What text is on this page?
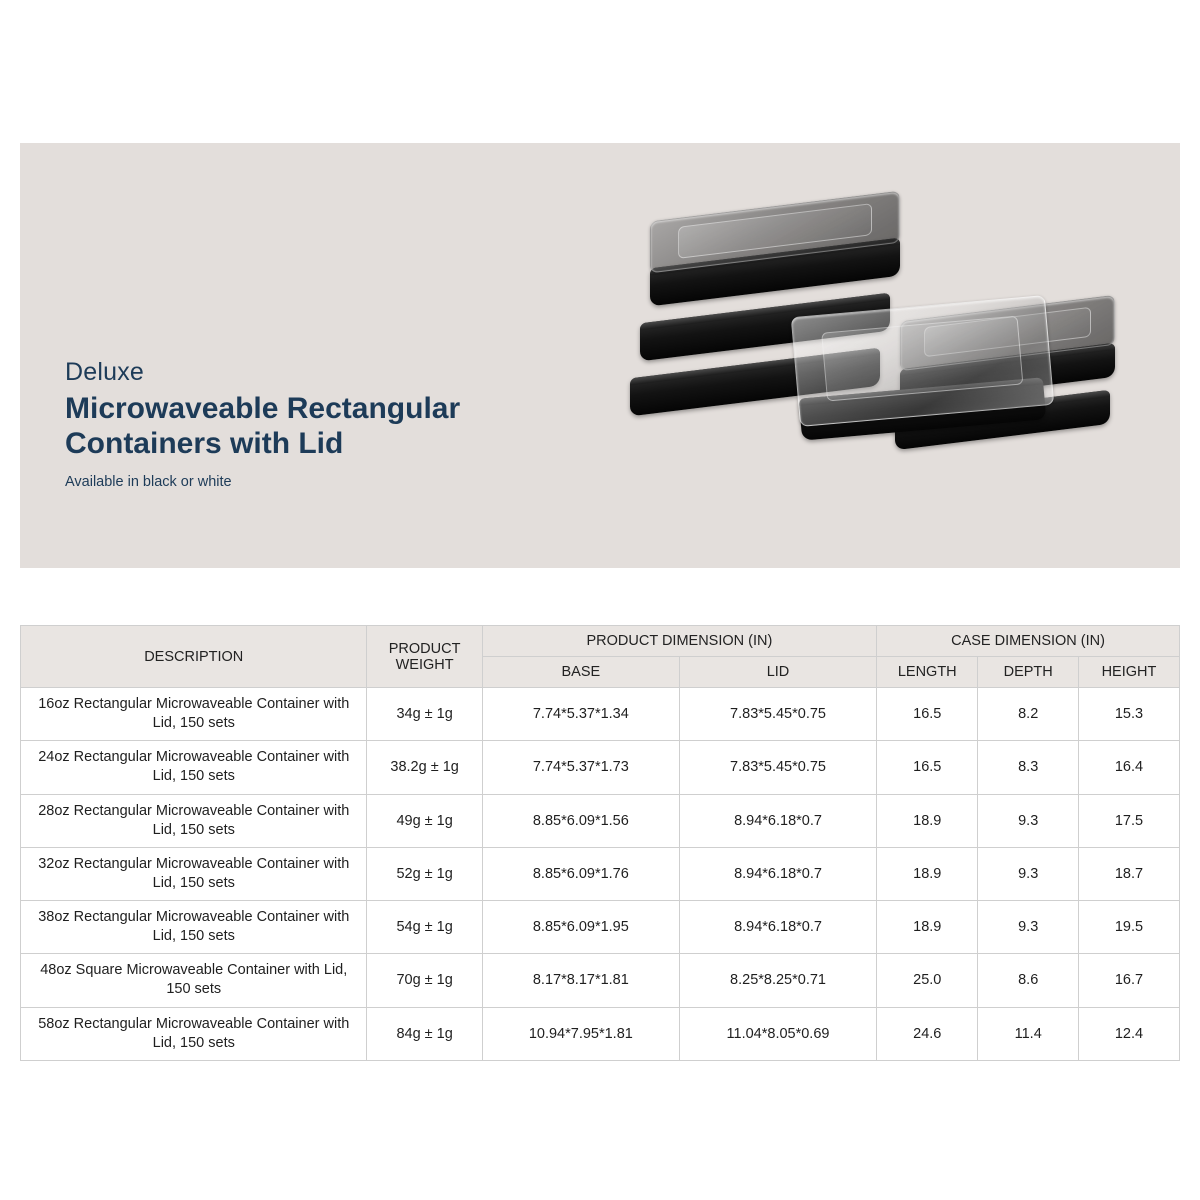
Deluxe
Microwaveable Rectangular
Containers with Lid
Available in black or white
DESCRIPTION	PRODUCT WEIGHT	PRODUCT DIMENSION (IN)		CASE DIMENSION (IN)		
		BASE	LID	LENGTH	DEPTH	HEIGHT
16oz Rectangular Microwaveable Container with Lid, 150 sets	34g ± 1g	7.74*5.37*1.34	7.83*5.45*0.75	16.5	8.2	15.3
24oz Rectangular Microwaveable Container with Lid, 150 sets	38.2g ± 1g	7.74*5.37*1.73	7.83*5.45*0.75	16.5	8.3	16.4
28oz Rectangular Microwaveable Container with Lid, 150 sets	49g ± 1g	8.85*6.09*1.56	8.94*6.18*0.7	18.9	9.3	17.5
32oz Rectangular Microwaveable Container with Lid, 150 sets	52g ± 1g	8.85*6.09*1.76	8.94*6.18*0.7	18.9	9.3	18.7
38oz Rectangular Microwaveable Container with Lid, 150 sets	54g ± 1g	8.85*6.09*1.95	8.94*6.18*0.7	18.9	9.3	19.5
48oz Square Microwaveable Container with Lid, 150 sets	70g ± 1g	8.17*8.17*1.81	8.25*8.25*0.71	25.0	8.6	16.7
58oz Rectangular Microwaveable Container with Lid, 150 sets	84g ± 1g	10.94*7.95*1.81	11.04*8.05*0.69	24.6	11.4	12.4
